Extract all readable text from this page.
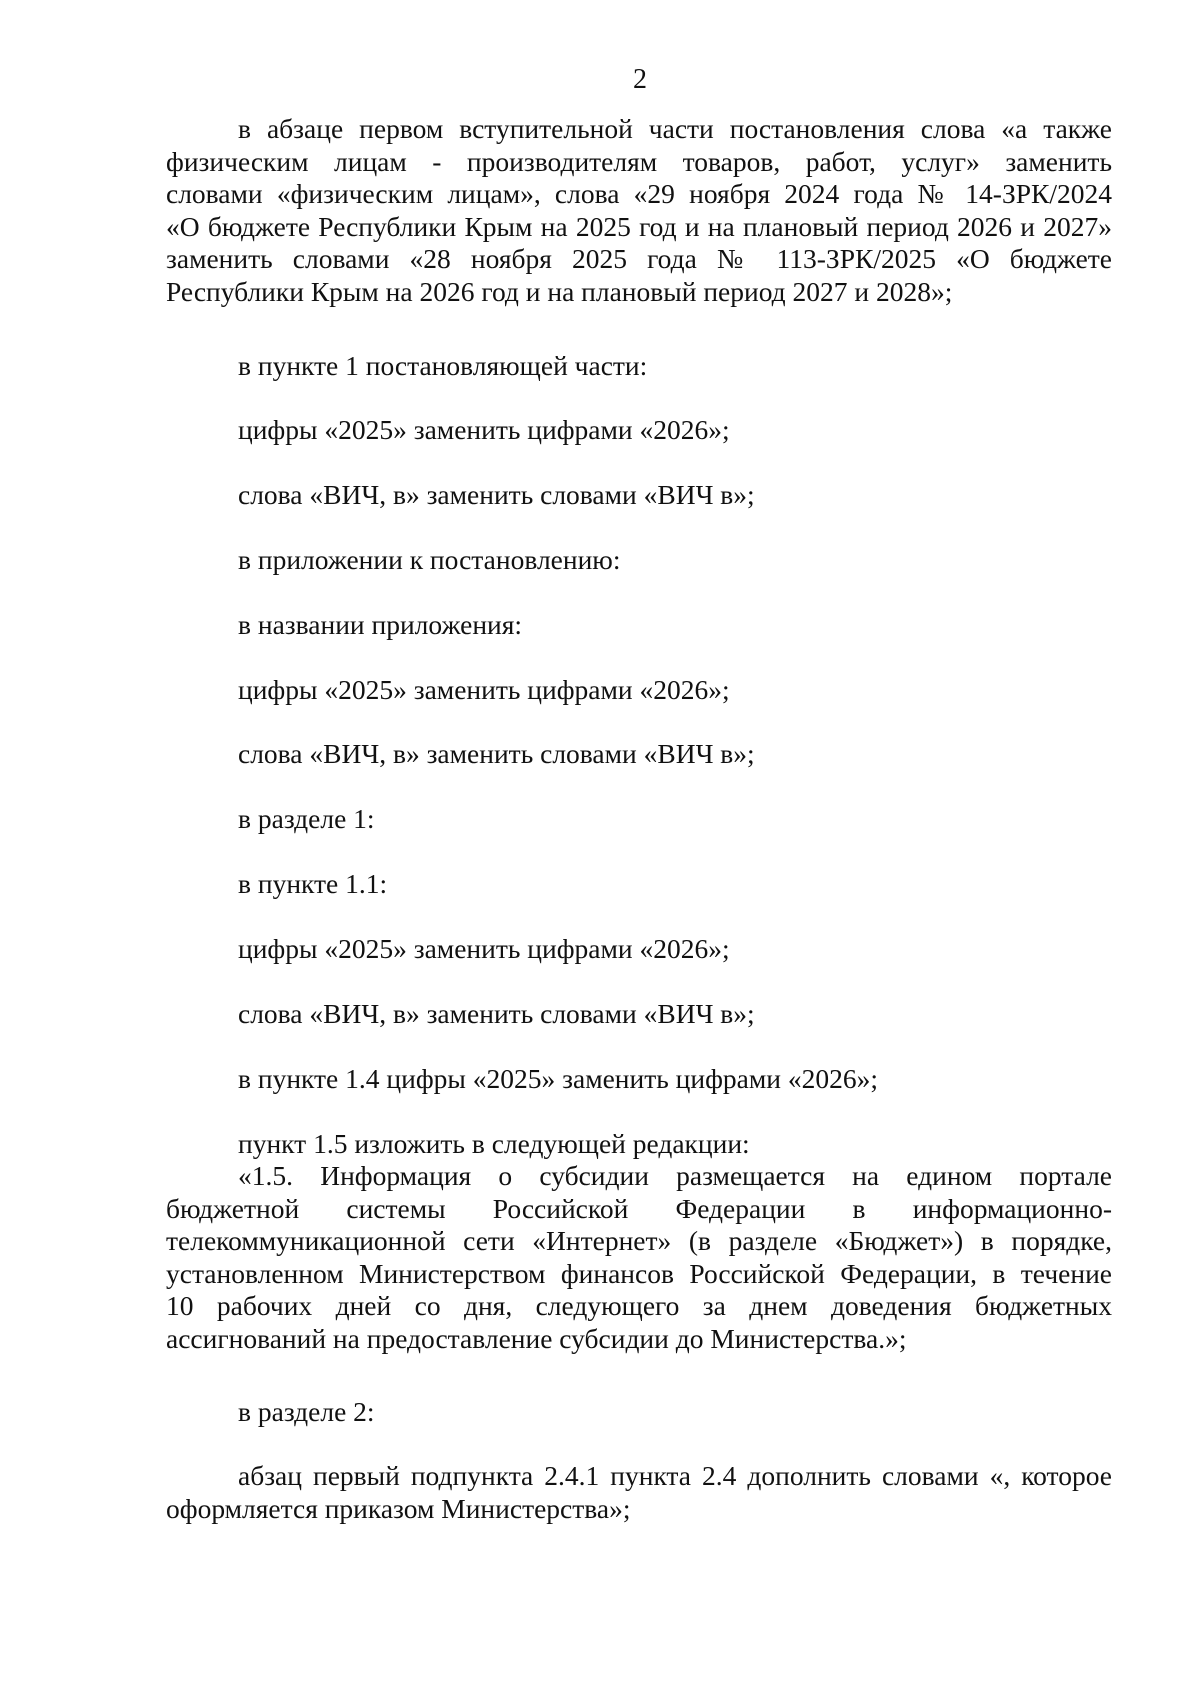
2
в абзаце первом вступительной части постановления слова «а также
физическим лицам - производителям товаров, работ, услуг» заменить
словами «физическим лицам», слова «29 ноября 2024 года № 14-ЗРК/2024
«О бюджете Республики Крым на 2025 год и на плановый период 2026 и 2027»
заменить словами «28 ноября 2025 года № 113-ЗРК/2025 «О бюджете
Республики Крым на 2026 год и на плановый период 2027 и 2028»;
в пункте 1 постановляющей части:
цифры «2025» заменить цифрами «2026»;
слова «ВИЧ, в» заменить словами «ВИЧ в»;
в приложении к постановлению:
в названии приложения:
цифры «2025» заменить цифрами «2026»;
слова «ВИЧ, в» заменить словами «ВИЧ в»;
в разделе 1:
в пункте 1.1:
цифры «2025» заменить цифрами «2026»;
слова «ВИЧ, в» заменить словами «ВИЧ в»;
в пункте 1.4 цифры «2025» заменить цифрами «2026»;
пункт 1.5 изложить в следующей редакции:
«1.5. Информация о субсидии размещается на едином портале
бюджетной системы Российской Федерации в информационно-
телекоммуникационной сети «Интернет» (в разделе «Бюджет») в порядке,
установленном Министерством финансов Российской Федерации, в течение
10 рабочих дней со дня, следующего за днем доведения бюджетных
ассигнований на предоставление субсидии до Министерства.»;
в разделе 2:
абзац первый подпункта 2.4.1 пункта 2.4 дополнить словами «, которое
оформляется приказом Министерства»;
